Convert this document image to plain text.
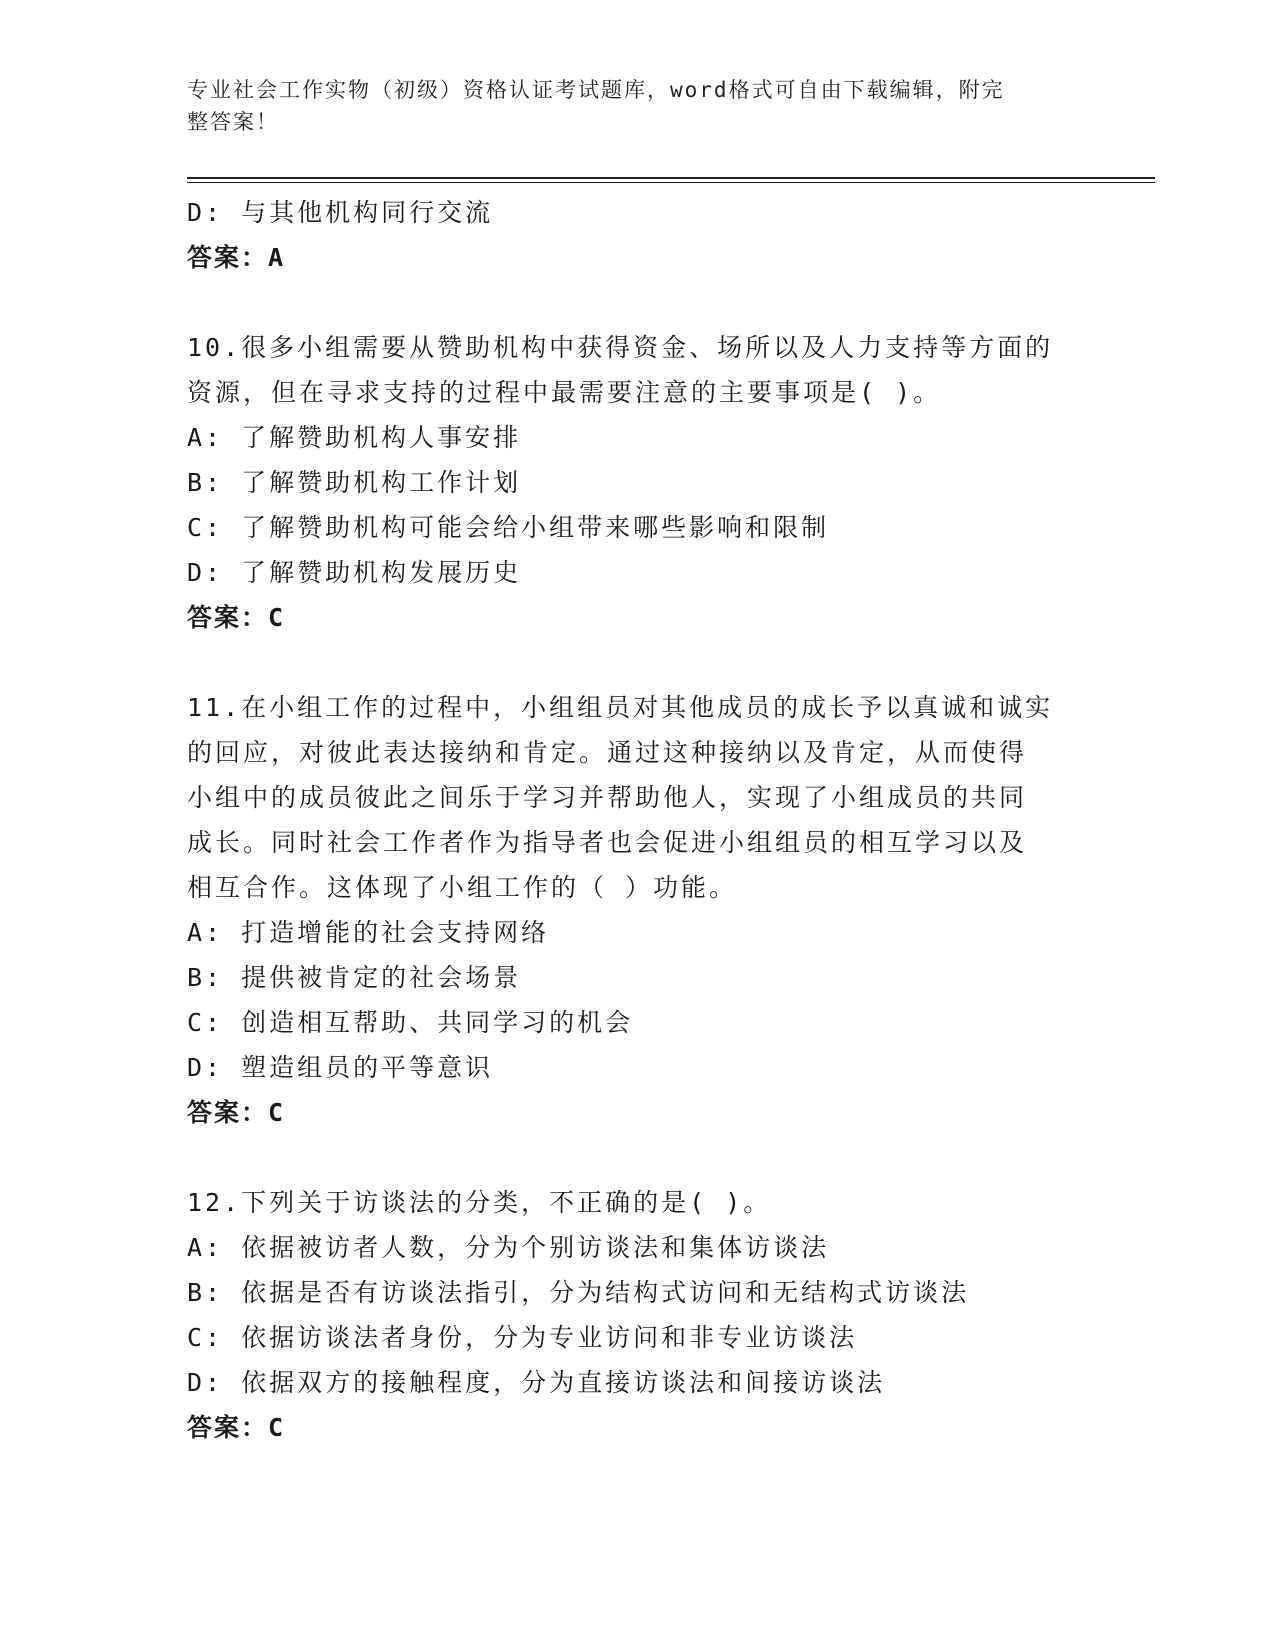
专业社会工作实物（初级）资格认证考试题库，word格式可自由下载编辑，附完
整答案！
D: 与其他机构同行交流
答案：A
10.很多小组需要从赞助机构中获得资金、场所以及人力支持等方面的
资源，但在寻求支持的过程中最需要注意的主要事项是( )。
A: 了解赞助机构人事安排
B: 了解赞助机构工作计划
C: 了解赞助机构可能会给小组带来哪些影响和限制
D: 了解赞助机构发展历史
答案：C
11.在小组工作的过程中，小组组员对其他成员的成长予以真诚和诚实
的回应，对彼此表达接纳和肯定。通过这种接纳以及肯定，从而使得
小组中的成员彼此之间乐于学习并帮助他人，实现了小组成员的共同
成长。同时社会工作者作为指导者也会促进小组组员的相互学习以及
相互合作。这体现了小组工作的（ ）功能。
A: 打造增能的社会支持网络
B: 提供被肯定的社会场景
C: 创造相互帮助、共同学习的机会
D: 塑造组员的平等意识
答案：C
12.下列关于访谈法的分类，不正确的是( )。
A: 依据被访者人数，分为个别访谈法和集体访谈法
B: 依据是否有访谈法指引，分为结构式访问和无结构式访谈法
C: 依据访谈法者身份，分为专业访问和非专业访谈法
D: 依据双方的接触程度，分为直接访谈法和间接访谈法
答案：C
